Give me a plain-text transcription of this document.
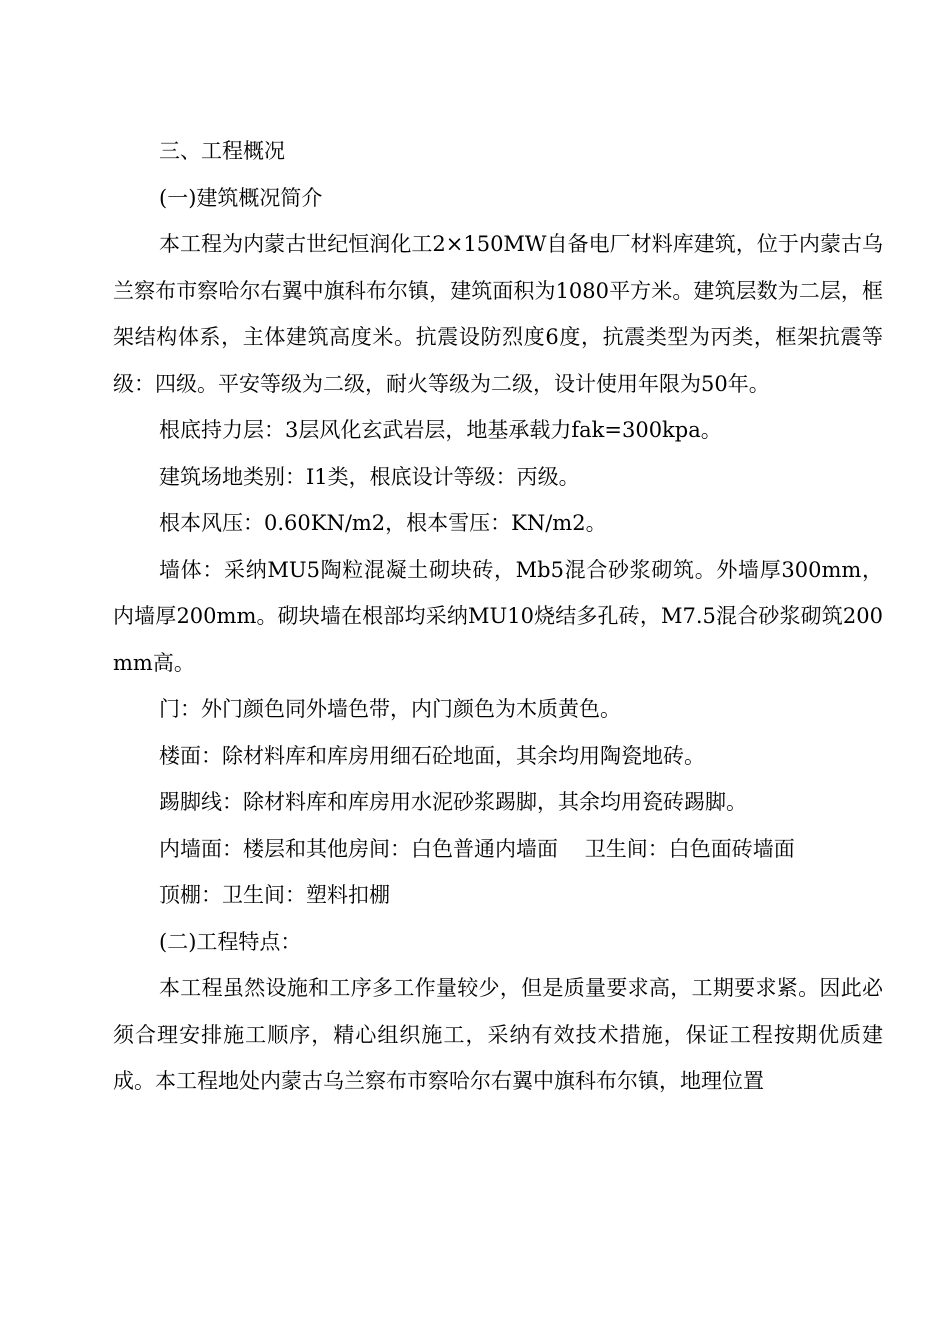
三、工程概况

(一)建筑概况简介

本工程为内蒙古世纪恒润化工2×150MW自备电厂材料库建筑，位于内蒙古乌兰察布市察哈尔右翼中旗科布尔镇，建筑面积为1080平方米。建筑层数为二层，框架结构体系，主体建筑高度米。抗震设防烈度6度，抗震类型为丙类，框架抗震等级：四级。平安等级为二级，耐火等级为二级，设计使用年限为50年。

根底持力层：3层风化玄武岩层，地基承载力fak=300kpa。

建筑场地类别：I1类，根底设计等级：丙级。

根本风压：0.60KN/m2，根本雪压：KN/m2。

墙体：采纳MU5陶粒混凝土砌块砖，Mb5混合砂浆砌筑。外墙厚300mm，内墙厚200mm。砌块墙在根部均采纳MU10烧结多孔砖，M7.5混合砂浆砌筑200mm高。

门：外门颜色同外墙色带，内门颜色为木质黄色。

楼面：除材料库和库房用细石砼地面，其余均用陶瓷地砖。

踢脚线：除材料库和库房用水泥砂浆踢脚，其余均用瓷砖踢脚。

内墙面：楼层和其他房间：白色普通内墙面    卫生间：白色面砖墙面

顶棚：卫生间：塑料扣棚

(二)工程特点：

本工程虽然设施和工序多工作量较少，但是质量要求高，工期要求紧。因此必须合理安排施工顺序，精心组织施工，采纳有效技术措施，保证工程按期优质建成。本工程地处内蒙古乌兰察布市察哈尔右翼中旗科布尔镇，地理位置
